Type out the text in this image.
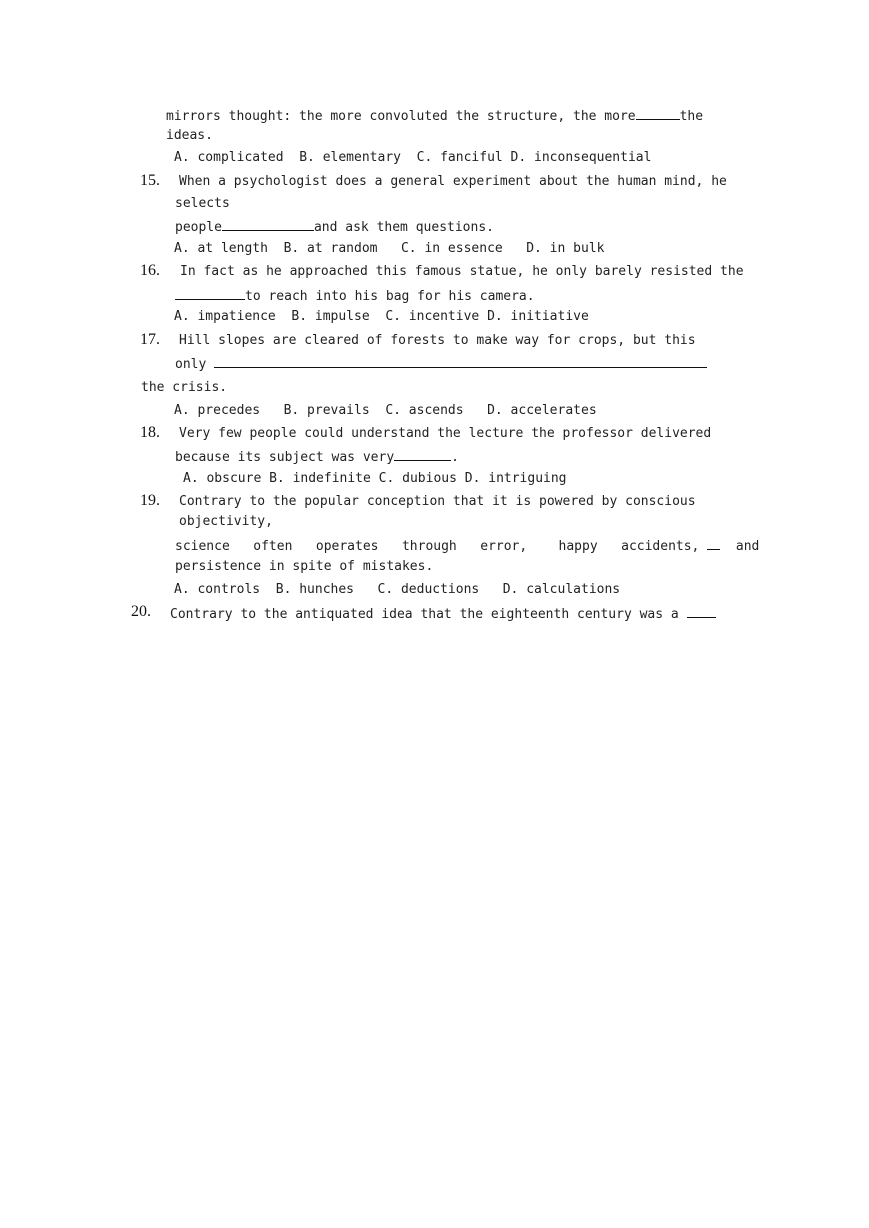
mirrors thought: the more convoluted the structure, the more	the
ideas.
A. complicated  B. elementary  C. fanciful D. inconsequential
15. When a psychologist does a general experiment about the human mind, he
selects
people	and ask them questions.
A. at length  B. at random   C. in essence   D. in bulk
16. In fact as he approached this famous statue, he only barely resisted the
to reach into his bag for his camera.
A. impatience  B. impulse  C. incentive D. initiative
17. Hill slopes are cleared of forests to make way for crops, but this
only
the crisis.
A. precedes   B. prevails  C. ascends   D. accelerates
18. Very few people could understand the lecture the professor delivered
because its subject was very	.
A. obscure B. indefinite C. dubious D. intriguing
19. Contrary to the popular conception that it is powered by conscious
objectivity,
science   often   operates   through   error,    happy   accidents,	and
persistence in spite of mistakes.
A. controls  B. hunches   C. deductions   D. calculations
20. Contrary to the antiquated idea that the eighteenth century was a
